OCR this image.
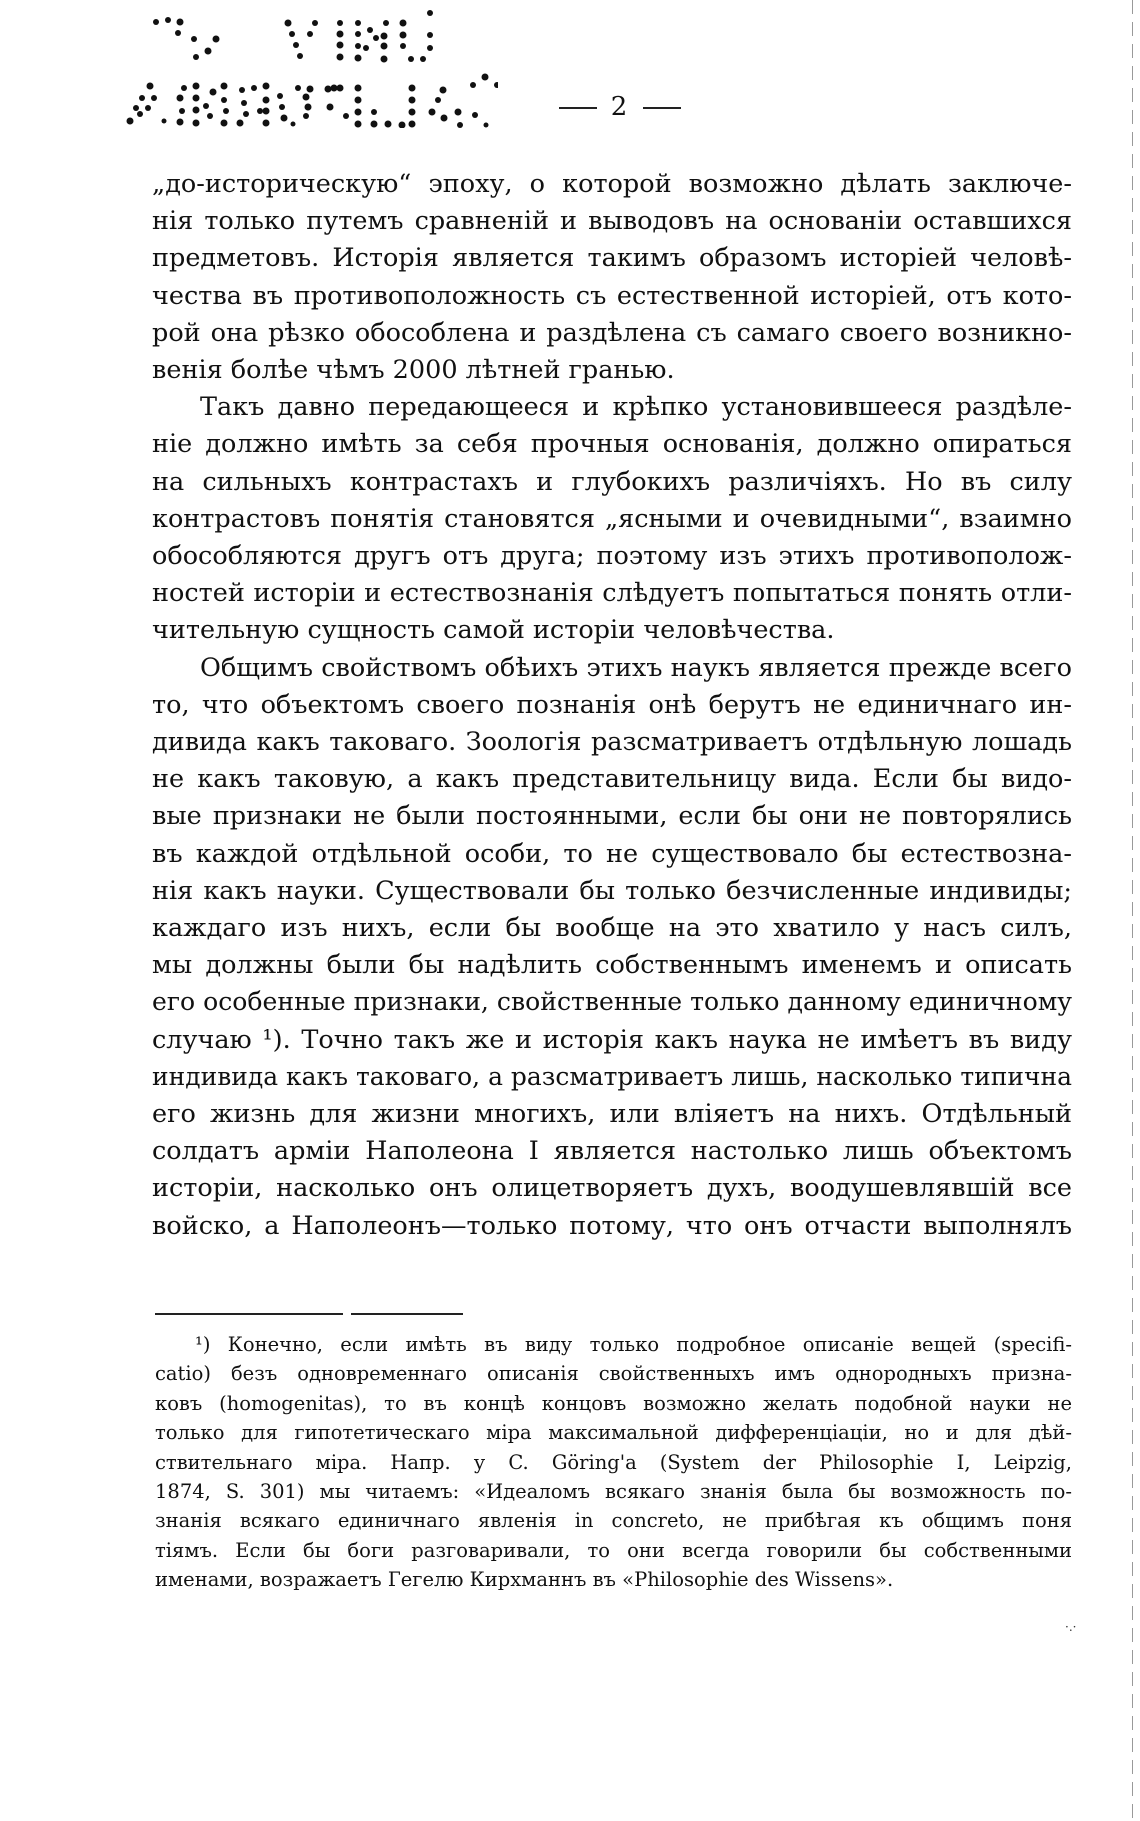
2
„до-историческую“ эпоху, о которой возможно дѣлать заключе-
нія только путемъ сравненій и выводовъ на основаніи оставшихся
предметовъ. Исторія является такимъ образомъ исторіей человѣ-
чества въ противоположность съ естественной исторіей, отъ кото-
рой она рѣзко обособлена и раздѣлена съ самаго своего возникно-
венія болѣе чѣмъ 2000 лѣтней гранью.
Такъ давно передающееся и крѣпко установившееся раздѣле-
ніе должно имѣть за себя прочныя основанія, должно опираться
на сильныхъ контрастахъ и глубокихъ различіяхъ. Но въ силу
контрастовъ понятія становятся „ясными и очевидными“, взаимно
обособляются другъ отъ друга; поэтому изъ этихъ противополож-
ностей исторіи и естествознанія слѣдуетъ попытаться понять отли-
чительную сущность самой исторіи человѣчества.
Общимъ свойствомъ обѣихъ этихъ наукъ является прежде всего
то, что объектомъ своего познанія онѣ берутъ не единичнаго ин-
дивида какъ таковаго. Зоологія разсматриваетъ отдѣльную лошадь
не какъ таковую, а какъ представительницу вида. Если бы видо-
вые признаки не были постоянными, если бы они не повторялись
въ каждой отдѣльной особи, то не существовало бы естествозна-
нія какъ науки. Существовали бы только безчисленные индивиды;
каждаго изъ нихъ, если бы вообще на это хватило у насъ силъ,
мы должны были бы надѣлить собственнымъ именемъ и описать
его особенные признаки, свойственные только данному единичному
случаю ¹). Точно такъ же и исторія какъ наука не имѣетъ въ виду
индивида какъ таковаго, а разсматриваетъ лишь, насколько типична
его жизнь для жизни многихъ, или вліяетъ на нихъ. Отдѣльный
солдатъ арміи Наполеона I является настолько лишь объектомъ
исторіи, насколько онъ олицетворяетъ духъ, воодушевлявшій все
войско, а Наполеонъ—только потому, что онъ отчасти выполнялъ
¹) Конечно, если имѣть въ виду только подробное описаніе вещей (specifi-
catio) безъ одновременнаго описанія свойственныхъ имъ однородныхъ призна-
ковъ (homogenitas), то въ концѣ концовъ возможно желать подобной науки не
только для гипотетическаго міра максимальной дифференціаціи, но и для дѣй-
ствительнаго міра. Напр. у C. Göring'a (System der Philosophie I, Leipzig,
1874, S. 301) мы читаемъ: «Идеаломъ всякаго знанія была бы возможность по-
знанія всякаго единичнаго явленія in concreto, не прибѣгая къ общимъ поня
тіямъ. Если бы боги разговаривали, то они всегда говорили бы собственными
именами, возражаетъ Гегелю Кирхманнъ въ «Philosophie des Wissens».
·.·
